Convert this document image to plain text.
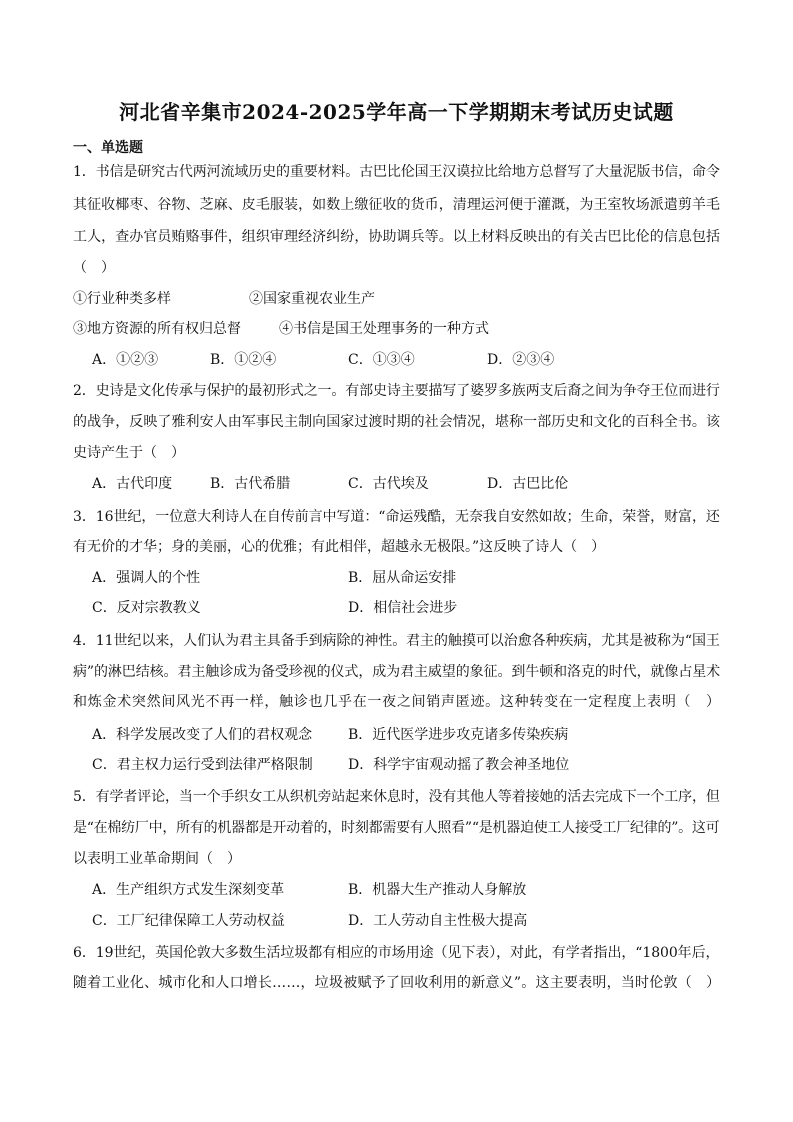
河北省辛集市2024-2025学年高一下学期期末考试历史试题
一、单选题
1．书信是研究古代两河流域历史的重要材料。古巴比伦国王汉谟拉比给地方总督写了大量泥版书信，命令
其征收椰枣、谷物、芝麻、皮毛服装，如数上缴征收的货币，清理运河便于灌溉，为王室牧场派遣剪羊毛
工人，查办官员贿赂事件，组织审理经济纠纷，协助调兵等。以上材料反映出的有关古巴比伦的信息包括
（　）
①行业种类多样	②国家重视农业生产
③地方资源的所有权归总督	④书信是国王处理事务的一种方式
A．①②③	B．①②④	C．①③④	D．②③④
2．史诗是文化传承与保护的最初形式之一。有部史诗主要描写了婆罗多族两支后裔之间为争夺王位而进行
的战争，反映了雅利安人由军事民主制向国家过渡时期的社会情况，堪称一部历史和文化的百科全书。该
史诗产生于（　）
A．古代印度	B．古代希腊	C．古代埃及	D．古巴比伦
3．16世纪，一位意大利诗人在自传前言中写道：“命运残酷，无奈我自安然如故；生命，荣誉，财富，还
有无价的才华；身的美丽，心的优雅；有此相伴，超越永无极限。”这反映了诗人（　）
A．强调人的个性	B．屈从命运安排
C．反对宗教教义	D．相信社会进步
4．11世纪以来，人们认为君主具备手到病除的神性。君主的触摸可以治愈各种疾病，尤其是被称为“国王
病”的淋巴结核。君主触诊成为备受珍视的仪式，成为君主威望的象征。到牛顿和洛克的时代，就像占星术
和炼金术突然间风光不再一样，触诊也几乎在一夜之间销声匿迹。这种转变在一定程度上表明（　）
A．科学发展改变了人们的君权观念	B．近代医学进步攻克诸多传染疾病
C．君主权力运行受到法律严格限制	D．科学宇宙观动摇了教会神圣地位
5．有学者评论，当一个手织女工从织机旁站起来休息时，没有其他人等着接她的活去完成下一个工序，但
是“在棉纺厂中，所有的机器都是开动着的，时刻都需要有人照看”“是机器迫使工人接受工厂纪律的”。这可
以表明工业革命期间（　）
A．生产组织方式发生深刻变革	B．机器大生产推动人身解放
C．工厂纪律保障工人劳动权益	D．工人劳动自主性极大提高
6．19世纪，英国伦敦大多数生活垃圾都有相应的市场用途（见下表），对此，有学者指出，“1800年后，
随着工业化、城市化和人口增长……，垃圾被赋予了回收利用的新意义”。这主要表明，当时伦敦（　）
